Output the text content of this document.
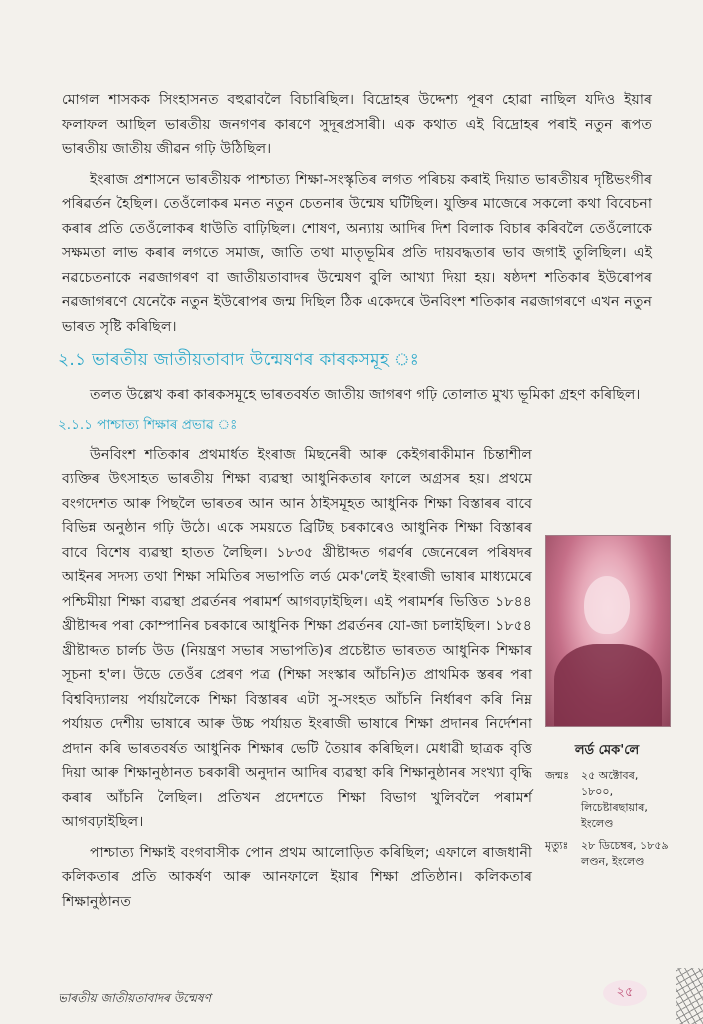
মোগল শাসকক সিংহাসনত বহুৱাবলৈ বিচাৰিছিল। বিদ্ৰোহৰ উদ্দেশ্য পূৰণ হোৱা নাছিল যদিও ইয়াৰ ফলাফল আছিল ভাৰতীয় জনগণৰ কাৰণে সুদূৰপ্ৰসাৰী। এক কথাত এই বিদ্ৰোহৰ পৰাই নতুন ৰূপত ভাৰতীয় জাতীয় জীৱন গঢ়ি উঠিছিল।

ইংৰাজ প্ৰশাসনে ভাৰতীয়ক পাশ্চাত্য শিক্ষা-সংস্কৃতিৰ লগত পৰিচয় কৰাই দিয়াত ভাৰতীয়ৰ দৃষ্টিভংগীৰ পৰিৱৰ্তন হৈছিল। তেওঁলোকৰ মনত নতুন চেতনাৰ উন্মেষ ঘটিছিল। যুক্তিৰ মাজেৰে সকলো কথা বিবেচনা কৰাৰ প্ৰতি তেওঁলোকৰ ধাউতি বাঢ়িছিল। শোষণ, অন্যায় আদিৰ দিশ বিলাক বিচাৰ কৰিবলৈ তেওঁলোকে সক্ষমতা লাভ কৰাৰ লগতে সমাজ, জাতি তথা মাতৃভূমিৰ প্ৰতি দায়বদ্ধতাৰ ভাব জগাই তুলিছিল। এই নৱচেতনাকে নৱজাগৰণ বা জাতীয়তাবাদৰ উন্মেষণ বুলি আখ্যা দিয়া হয়। ষষ্ঠদশ শতিকাৰ ইউৰোপৰ নৱজাগৰণে যেনেকৈ নতুন ইউৰোপৰ জন্ম দিছিল ঠিক একেদৰে উনবিংশ শতিকাৰ নৱজাগৰণে এখন নতুন ভাৰত সৃষ্টি কৰিছিল।

২.১ ভাৰতীয় জাতীয়তাবাদ উন্মেষণৰ কাৰকসমূহ ঃ

তলত উল্লেখ কৰা কাৰকসমূহে ভাৰতবৰ্ষত জাতীয় জাগৰণ গঢ়ি তোলাত মুখ্য ভূমিকা গ্ৰহণ কৰিছিল।

২.১.১ পাশ্চাত্য শিক্ষাৰ প্ৰভাৱ ঃ

উনবিংশ শতিকাৰ প্ৰথমাৰ্ধত ইংৰাজ মিছনেৰী আৰু কেইগৰাকীমান চিন্তাশীল ব্যক্তিৰ উৎসাহত ভাৰতীয় শিক্ষা ব্যৱস্থা আধুনিকতাৰ ফালে অগ্ৰসৰ হয়। প্ৰথমে বংগদেশত আৰু পিছলৈ ভাৰতৰ আন আন ঠাইসমূহত আধুনিক শিক্ষা বিস্তাৰৰ বাবে বিভিন্ন অনুষ্ঠান গঢ়ি উঠে। একে সময়তে ব্ৰিটিছ চৰকাৰেও আধুনিক শিক্ষা বিস্তাৰৰ বাবে বিশেষ ব্যৱস্থা হাতত লৈছিল। ১৮৩৫ খ্ৰীষ্টাব্দত গৱৰ্ণৰ জেনেৰেল পৰিষদৰ আইনৰ সদস্য তথা শিক্ষা সমিতিৰ সভাপতি লৰ্ড মেক'লেই ইংৰাজী ভাষাৰ মাধ্যমেৰে পশ্চিমীয়া শিক্ষা ব্যৱস্থা প্ৰৱৰ্তনৰ পৰামৰ্শ আগবঢ়াইছিল। এই পৰামৰ্শৰ ভিত্তিত ১৮৪৪ খ্ৰীষ্টাব্দৰ পৰা কোম্পানিৰ চৰকাৰে আধুনিক শিক্ষা প্ৰৱৰ্তনৰ যো-জা চলাইছিল। ১৮৫৪ খ্ৰীষ্টাব্দত চাৰ্লচ উড (নিয়ন্ত্ৰণ সভাৰ সভাপতি)ৰ প্ৰচেষ্টাত ভাৰতত আধুনিক শিক্ষাৰ সূচনা হ'ল। উডে তেওঁৰ প্ৰেৰণ পত্ৰ (শিক্ষা সংস্কাৰ আঁচনি)ত প্ৰাথমিক স্তৰৰ পৰা বিশ্ববিদ্যালয় পৰ্যায়লৈকে শিক্ষা বিস্তাৰৰ এটা সু-সংহত আঁচনি নিৰ্ধাৰণ কৰি নিম্ন পৰ্যায়ত দেশীয় ভাষাৰে আৰু উচ্চ পৰ্যায়ত ইংৰাজী ভাষাৰে শিক্ষা প্ৰদানৰ নিৰ্দেশনা প্ৰদান কৰি ভাৰতবৰ্ষত আধুনিক শিক্ষাৰ ভেটি তৈয়াৰ কৰিছিল। মেধাৱী ছাত্ৰক বৃত্তি দিয়া আৰু শিক্ষানুষ্ঠানত চৰকাৰী অনুদান আদিৰ ব্যৱস্থা কৰি শিক্ষানুষ্ঠানৰ সংখ্যা বৃদ্ধি কৰাৰ আঁচনি লৈছিল। প্ৰতিখন প্ৰদেশতে শিক্ষা বিভাগ খুলিবলৈ পৰামৰ্শ আগবঢ়াইছিল।

পাশ্চাত্য শিক্ষাই বংগবাসীক পোন প্ৰথম আলোড়িত কৰিছিল; এফালে ৰাজধানী কলিকতাৰ প্ৰতি আকৰ্ষণ আৰু আনফালে ইয়াৰ শিক্ষা প্ৰতিষ্ঠান। কলিকতাৰ শিক্ষানুষ্ঠানত

লৰ্ড মেক'লে
জন্মঃ	২৫ অক্টোবৰ,
১৮০০,
লিচেষ্টাৰছায়াৰ,
ইংলেণ্ড
মৃত্যুঃ	২৮ ডিচেম্বৰ, ১৮৫৯
লণ্ডন, ইংলেণ্ড
ভাৰতীয় জাতীয়তাবাদৰ উন্মেষণ	২৫
